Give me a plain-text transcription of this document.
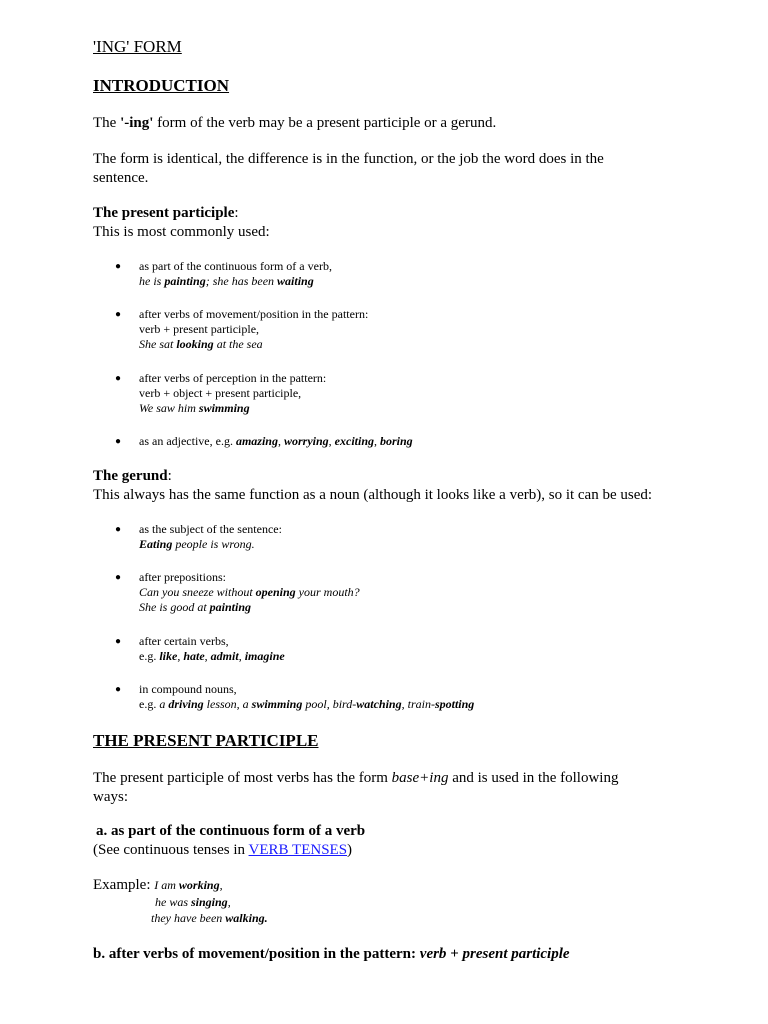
'ING' FORM
INTRODUCTION
The '-ing' form of the verb may be a present participle or a gerund.
The form is identical, the difference is in the function, or the job the word does in the
sentence.
The present participle:
This is most commonly used:
● as part of the continuous form of a verb,
he is painting; she has been waiting
● after verbs of movement/position in the pattern:
verb + present participle,
She sat looking at the sea
● after verbs of perception in the pattern:
verb + object + present participle,
We saw him swimming
● as an adjective, e.g. amazing, worrying, exciting, boring
The gerund:
This always has the same function as a noun (although it looks like a verb), so it can be used:
● as the subject of the sentence:
Eating people is wrong.
● after prepositions:
Can you sneeze without opening your mouth?
She is good at painting
● after certain verbs,
e.g. like, hate, admit, imagine
● in compound nouns,
e.g. a driving lesson, a swimming pool, bird-watching, train-spotting
THE PRESENT PARTICIPLE
The present participle of most verbs has the form base+ing and is used in the following
ways:
a. as part of the continuous form of a verb
(See continuous tenses in VERB TENSES)
Example: I am working,
he was singing,
they have been walking.
b. after verbs of movement/position in the pattern: verb + present participle
